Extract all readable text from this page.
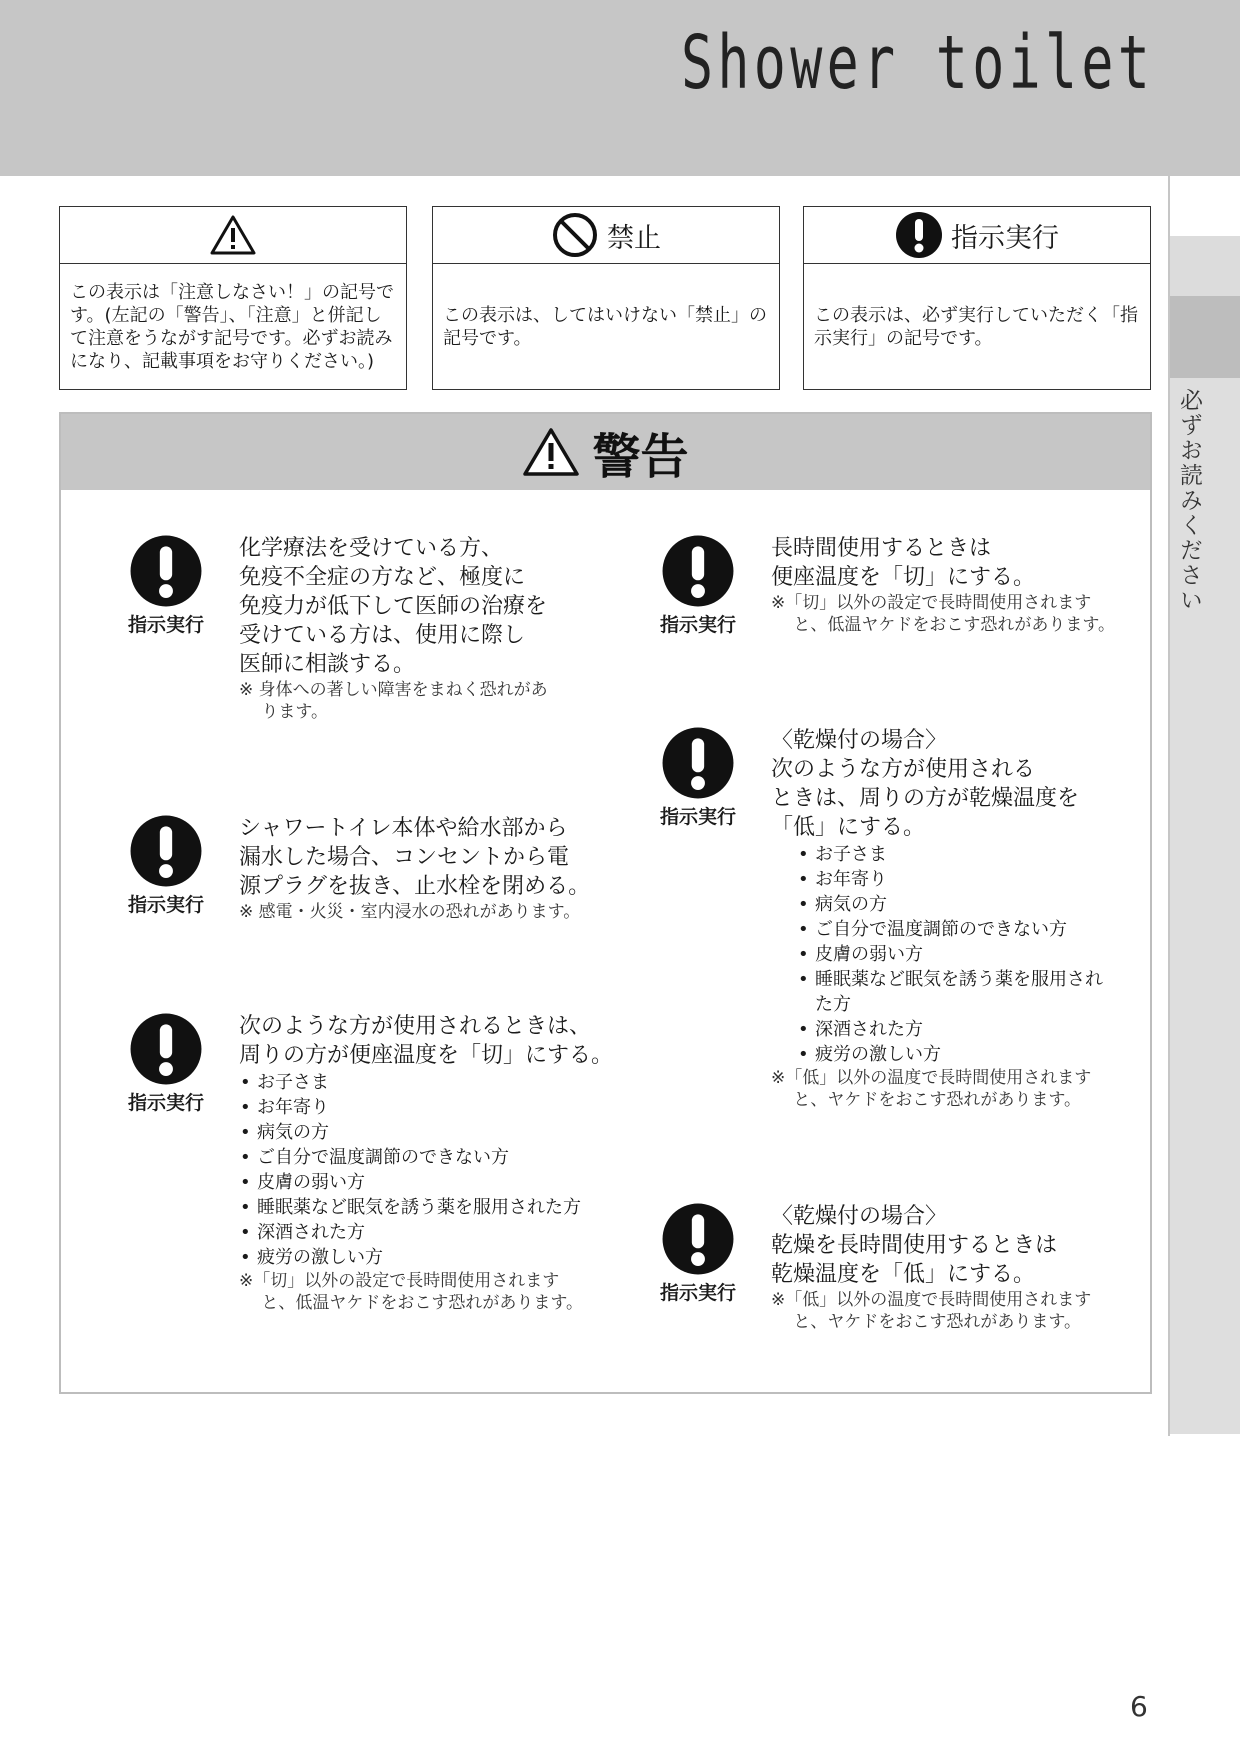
Shower toilet
必ずお読みください
この表示は「注意しなさい！」の記号です。(左記の「警告」、「注意」と併記して注意をうながす記号です。必ずお読みになり、記載事項をお守りください。)
禁止
この表示は、してはいけない「禁止」の記号です。
指示実行
この表示は、必ず実行していただく「指示実行」の記号です。
警告
指示実行
化学療法を受けている方、
免疫不全症の方など、極度に
免疫力が低下して医師の治療を
受けている方は、使用に際し
医師に相談する。
※ 身体への著しい障害をまねく恐れがあ
　 ります。
指示実行
シャワートイレ本体や給水部から
漏水した場合、コンセントから電
源プラグを抜き、止水栓を閉める。
※ 感電・火災・室内浸水の恐れがあります。
指示実行
次のような方が使用されるときは、
周りの方が便座温度を「切」にする。
• お子さま
• お年寄り
• 病気の方
• ご自分で温度調節のできない方
• 皮膚の弱い方
• 睡眠薬など眠気を誘う薬を服用された方
• 深酒された方
• 疲労の激しい方
※「切」以外の設定で長時間使用されます
　 と、低温ヤケドをおこす恐れがあります。
指示実行
長時間使用するときは
便座温度を「切」にする。
※「切」以外の設定で長時間使用されます
　 と、低温ヤケドをおこす恐れがあります。
指示実行
〈乾燥付の場合〉
次のような方が使用される
ときは、周りの方が乾燥温度を
「低」にする。
• お子さま
• お年寄り
• 病気の方
• ご自分で温度調節のできない方
• 皮膚の弱い方
• 睡眠薬など眠気を誘う薬を服用され
た方
• 深酒された方
• 疲労の激しい方
※「低」以外の温度で長時間使用されます
　 と、ヤケドをおこす恐れがあります。
指示実行
〈乾燥付の場合〉
乾燥を長時間使用するときは
乾燥温度を「低」にする。
※「低」以外の温度で長時間使用されます
　 と、ヤケドをおこす恐れがあります。
6
